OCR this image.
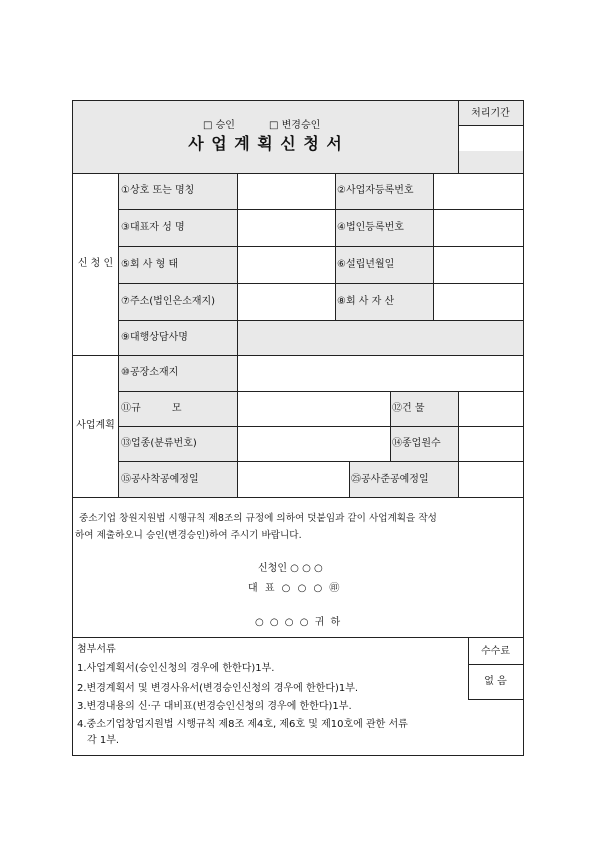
□ 승인	□ 변경승인
사 업 계 획 신 청 서
처리기간
신 청 인
①상호 또는 명칭	②사업자등록번호
③대표자 성 명	④법인등록번호
⑤회 사 형 태	⑥설립년월일
⑦주소(법인은소재지)	⑧회 사 자 산
⑨대행상담사명
사업계획
⑩공장소재지
⑪규 모	⑫건 물
⑬업종(분류번호)	⑭종업원수
⑮공사착공예정일	㉕공사준공예정일
중소기업 창원지원법 시행규칙 제8조의 규정에 의하여 덧붙임과 같이 사업계획을 작성
하여 제출하오니 승인(변경승인)하여 주시기 바랍니다.
신청인 ○ ○ ○
대 표 ○ ○ ○ ㊞
○ ○ ○ ○ 귀 하
첨부서류
1.사업계획서(승인신청의 경우에 한한다)1부.
2.변경계획서 및 변경사유서(변경승인신청의 경우에 한한다)1부.
3.변경내용의 신·구 대비표(변경승인신청의 경우에 한한다)1부.
4.중소기업창업지원법 시행규칙 제8조 제4호, 제6호 및 제10호에 관한 서류
각 1부.
수수료
없 음
